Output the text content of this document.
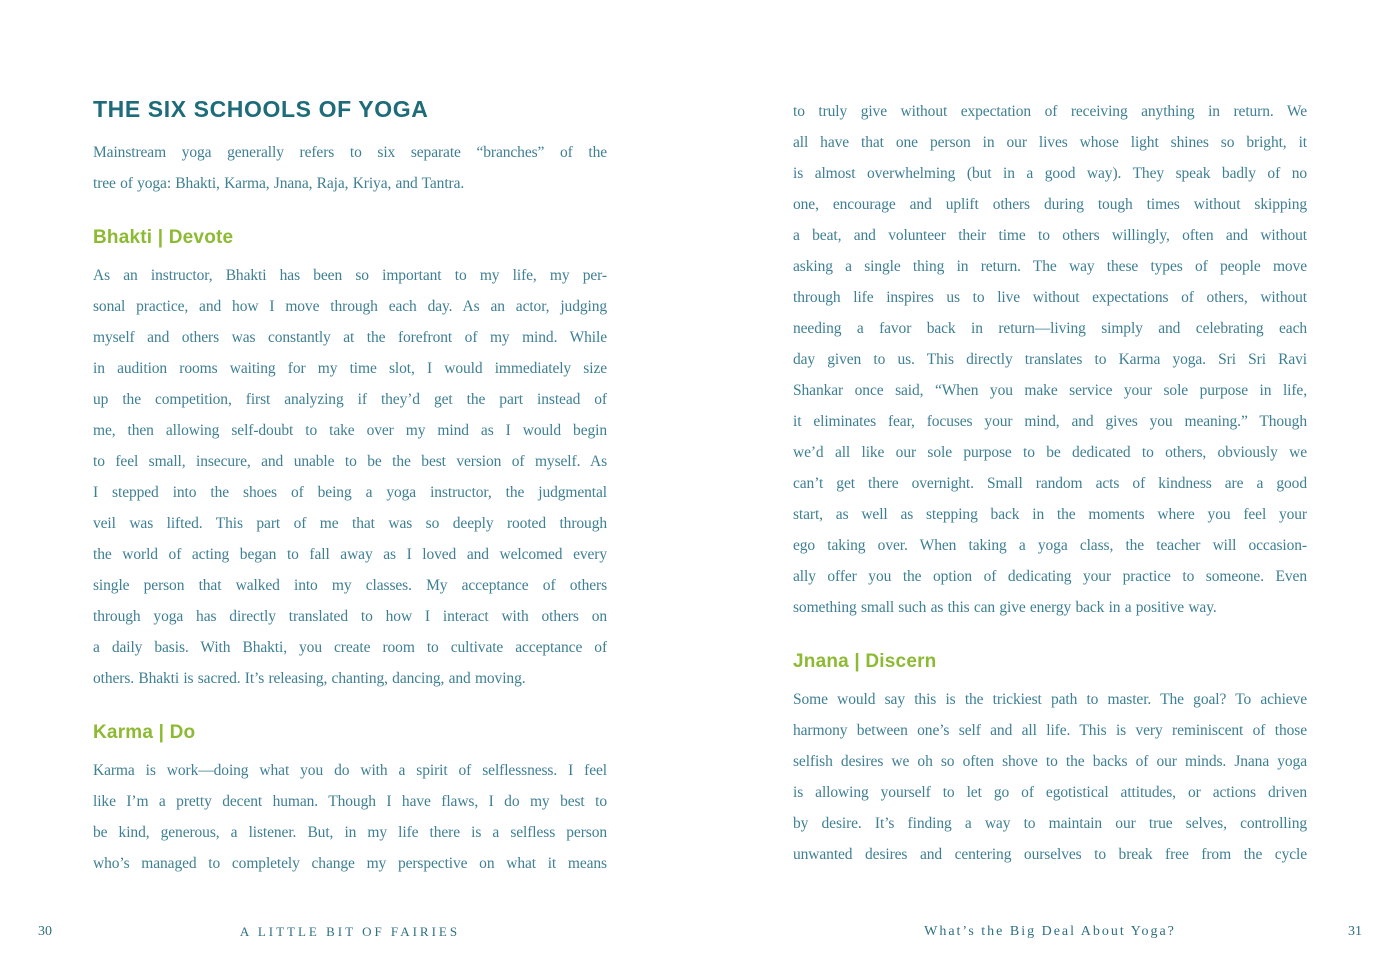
THE SIX SCHOOLS OF YOGA
Mainstream yoga generally refers to six separate “branches” of the
tree of yoga: Bhakti, Karma, Jnana, Raja, Kriya, and Tantra.
Bhakti | Devote
As an instructor, Bhakti has been so important to my life, my per-
sonal practice, and how I move through each day. As an actor, judging
myself and others was constantly at the forefront of my mind. While
in audition rooms waiting for my time slot, I would immediately size
up the competition, first analyzing if they’d get the part instead of
me, then allowing self-doubt to take over my mind as I would begin
to feel small, insecure, and unable to be the best version of myself. As
I stepped into the shoes of being a yoga instructor, the judgmental
veil was lifted. This part of me that was so deeply rooted through
the world of acting began to fall away as I loved and welcomed every
single person that walked into my classes. My acceptance of others
through yoga has directly translated to how I interact with others on
a daily basis. With Bhakti, you create room to cultivate acceptance of
others. Bhakti is sacred. It’s releasing, chanting, dancing, and moving.
Karma | Do
Karma is work—doing what you do with a spirit of selflessness. I feel
like I’m a pretty decent human. Though I have flaws, I do my best to
be kind, generous, a listener. But, in my life there is a selfless person
who’s managed to completely change my perspective on what it means
30	A LITTLE BIT OF FAIRIES
to truly give without expectation of receiving anything in return. We
all have that one person in our lives whose light shines so bright, it
is almost overwhelming (but in a good way). They speak badly of no
one, encourage and uplift others during tough times without skipping
a beat, and volunteer their time to others willingly, often and without
asking a single thing in return. The way these types of people move
through life inspires us to live without expectations of others, without
needing a favor back in return—living simply and celebrating each
day given to us. This directly translates to Karma yoga. Sri Sri Ravi
Shankar once said, “When you make service your sole purpose in life,
it eliminates fear, focuses your mind, and gives you meaning.” Though
we’d all like our sole purpose to be dedicated to others, obviously we
can’t get there overnight. Small random acts of kindness are a good
start, as well as stepping back in the moments where you feel your
ego taking over. When taking a yoga class, the teacher will occasion-
ally offer you the option of dedicating your practice to someone. Even
something small such as this can give energy back in a positive way.
Jnana | Discern
Some would say this is the trickiest path to master. The goal? To achieve
harmony between one’s self and all life. This is very reminiscent of those
selfish desires we oh so often shove to the backs of our minds. Jnana yoga
is allowing yourself to let go of egotistical attitudes, or actions driven
by desire. It’s finding a way to maintain our true selves, controlling
unwanted desires and centering ourselves to break free from the cycle
What’s the Big Deal About Yoga?	31
